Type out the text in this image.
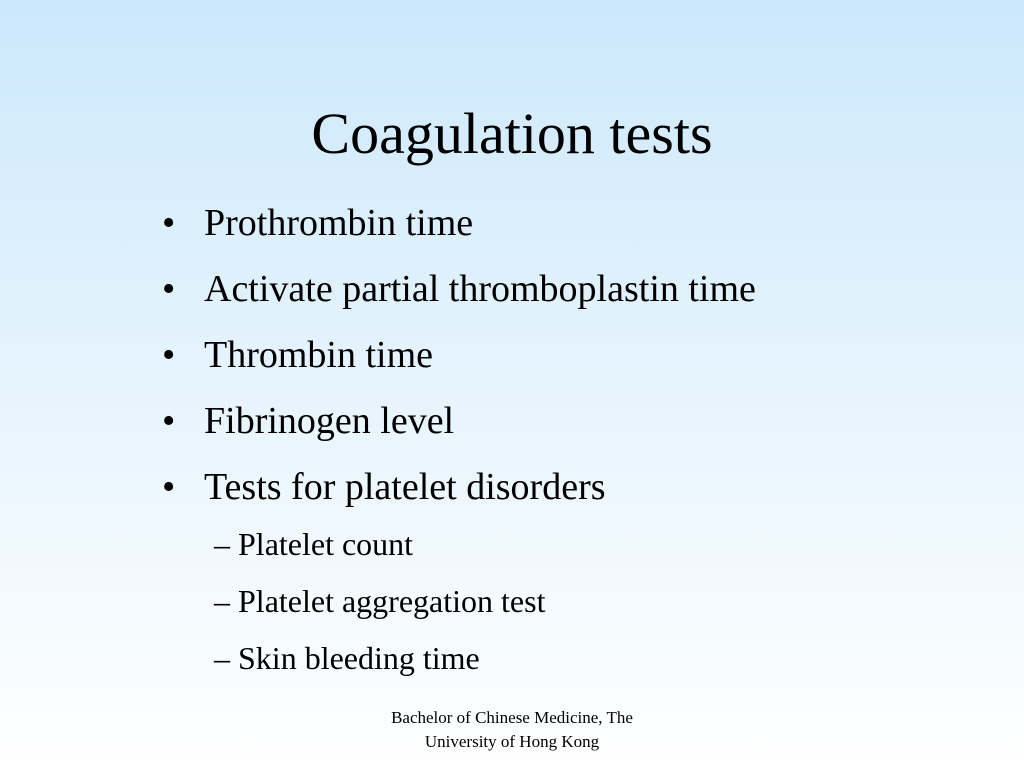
Coagulation tests
• Prothrombin time
• Activate partial thromboplastin time
• Thrombin time
• Fibrinogen level
• Tests for platelet disorders
– Platelet count
– Platelet aggregation test
– Skin bleeding time
Bachelor of Chinese Medicine, The
University of Hong Kong
